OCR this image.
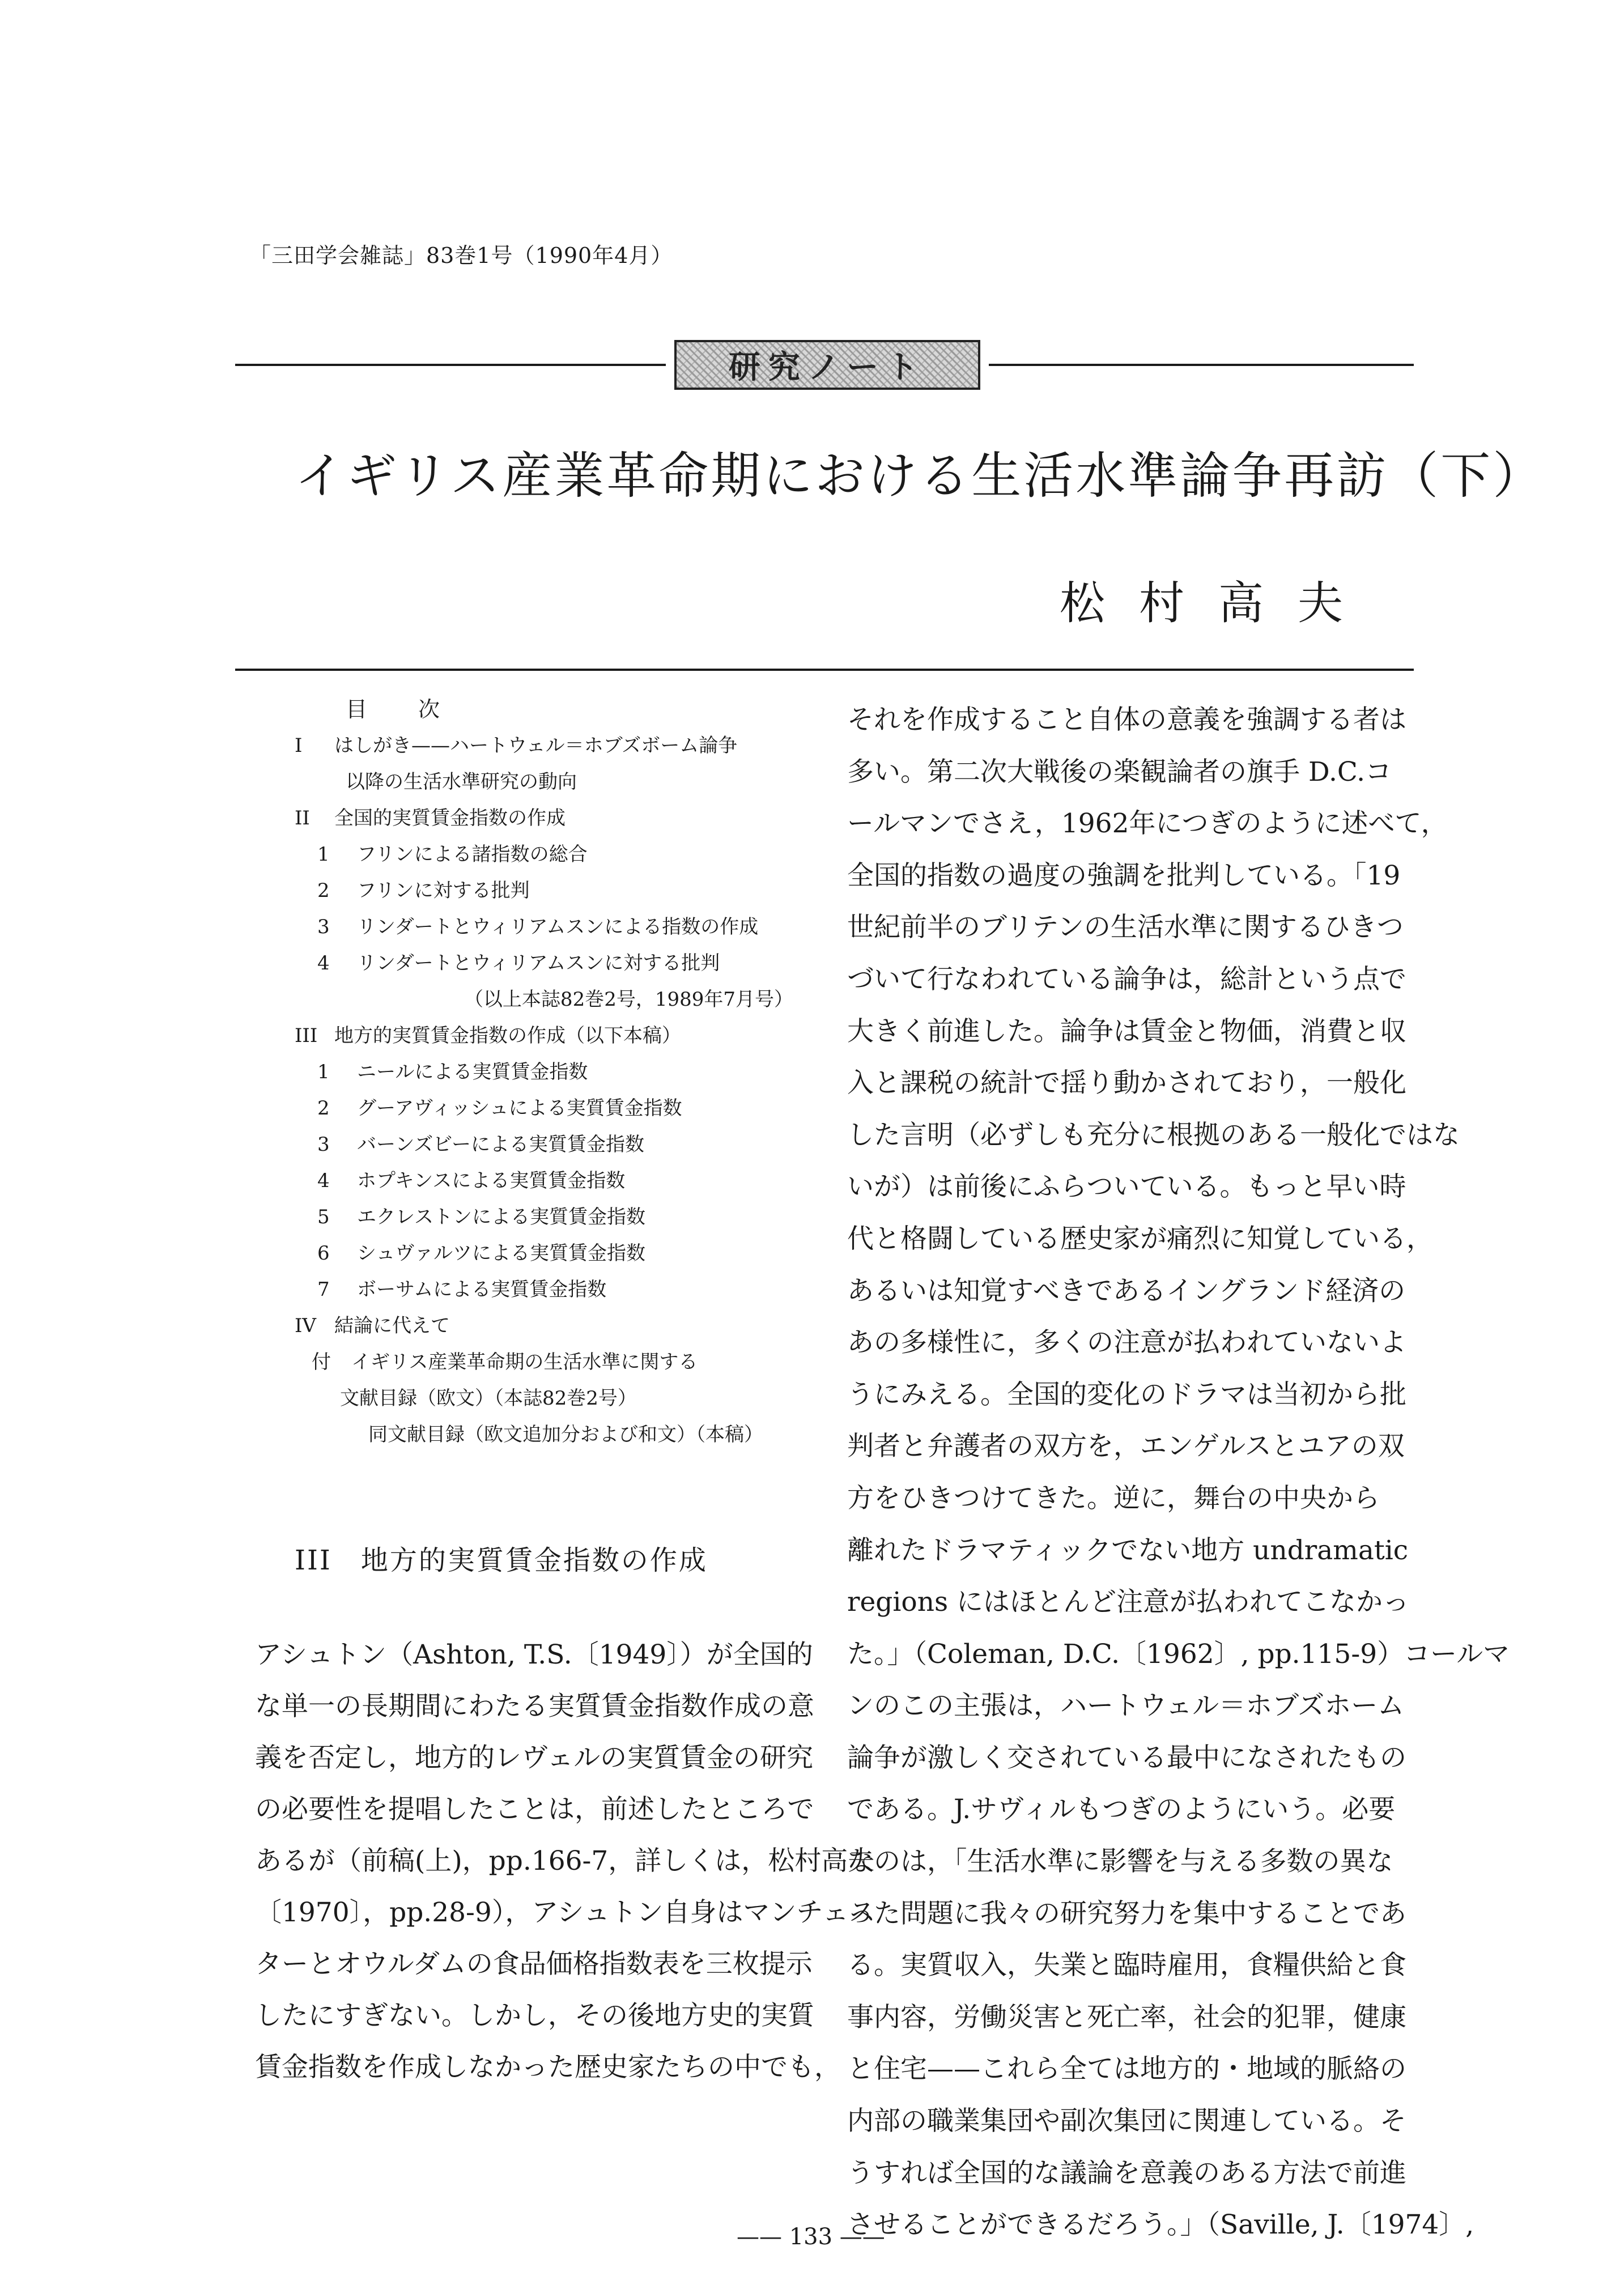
「三田学会雑誌」83巻1号（1990年4月）
研究ノート
イギリス産業革命期における生活水準論争再訪（下）
松村高夫
目次
I	はしがき——ハートウェル＝ホブズボーム論争
以降の生活水準研究の動向
II	全国的実質賃金指数の作成
1	フリンによる諸指数の総合
2	フリンに対する批判
3	リンダートとウィリアムスンによる指数の作成
4	リンダートとウィリアムスンに対する批判
（以上本誌82巻2号，1989年7月号）
III 地方的実質賃金指数の作成（以下本稿）
1	ニールによる実質賃金指数
2	グーアヴィッシュによる実質賃金指数
3	バーンズビーによる実質賃金指数
4	ホプキンスによる実質賃金指数
5	エクレストンによる実質賃金指数
6	シュヴァルツによる実質賃金指数
7	ボーサムによる実質賃金指数
IV 結論に代えて
付	イギリス産業革命期の生活水準に関する
文献目録（欧文）（本誌82巻2号）
同文献目録（欧文追加分および和文）（本稿）
III　地方的実質賃金指数の作成
アシュトン（Ashton, T.S.〔1949〕）が全国的
な単一の長期間にわたる実質賃金指数作成の意
義を否定し，地方的レヴェルの実質賃金の研究
の必要性を提唱したことは，前述したところで
あるが（前稿(上)，pp.166-7，詳しくは，松村高夫
〔1970〕，pp.28-9），アシュトン自身はマンチェス
ターとオウルダムの食品価格指数表を三枚提示
したにすぎない。しかし，その後地方史的実質
賃金指数を作成しなかった歴史家たちの中でも，
それを作成すること自体の意義を強調する者は
多い。第二次大戦後の楽観論者の旗手 D.C.コ
ールマンでさえ，1962年につぎのように述べて，
全国的指数の過度の強調を批判している。「19
世紀前半のブリテンの生活水準に関するひきつ
づいて行なわれている論争は，総計という点で
大きく前進した。論争は賃金と物価，消費と収
入と課税の統計で揺り動かされており，一般化
した言明（必ずしも充分に根拠のある一般化ではな
いが）は前後にふらついている。もっと早い時
代と格闘している歴史家が痛烈に知覚している，
あるいは知覚すべきであるイングランド経済の
あの多様性に，多くの注意が払われていないよ
うにみえる。全国的変化のドラマは当初から批
判者と弁護者の双方を，エンゲルスとユアの双
方をひきつけてきた。逆に，舞台の中央から
離れたドラマティックでない地方 undramatic
regions にはほとんど注意が払われてこなかっ
た。」（Coleman, D.C.〔1962〕, pp.115-9）コールマ
ンのこの主張は，ハートウェル＝ホブズホーム
論争が激しく交されている最中になされたもの
である。J.サヴィルもつぎのようにいう。必要
なのは，「生活水準に影響を与える多数の異な
った問題に我々の研究努力を集中することであ
る。実質収入，失業と臨時雇用，食糧供給と食
事内容，労働災害と死亡率，社会的犯罪，健康
と住宅——これら全ては地方的・地域的脈絡の
内部の職業集団や副次集団に関連している。そ
うすれば全国的な議論を意義のある方法で前進
させることができるだろう。」（Saville, J.〔1974〕,
—— 133 ——
